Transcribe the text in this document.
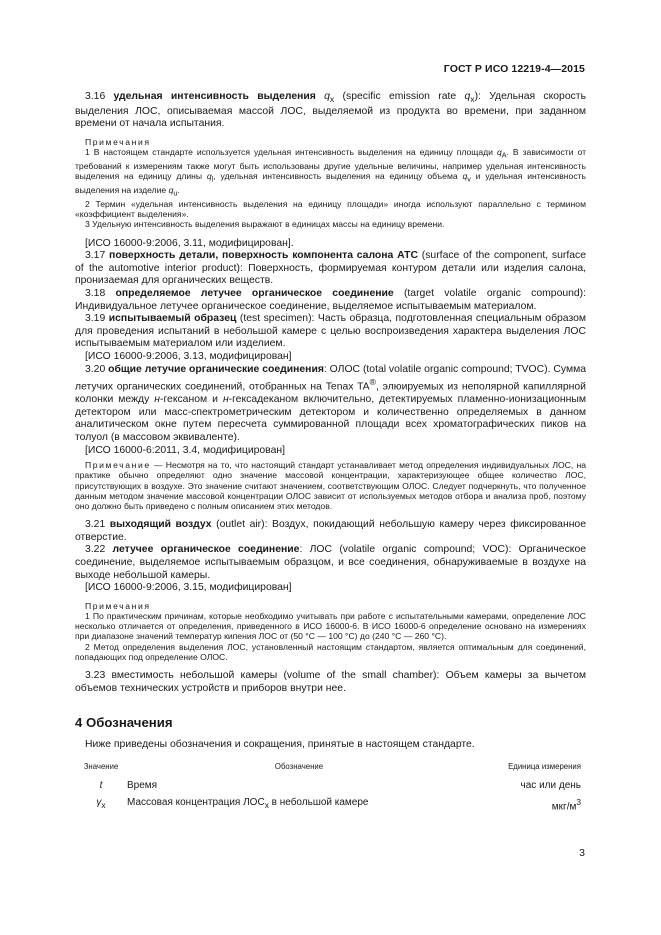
ГОСТ Р ИСО 12219-4—2015

3.16 удельная интенсивность выделения $q_x$ (specific emission rate $q_x$): Удельная скорость выделения ЛОС, описываемая массой ЛОС, выделяемой из продукта во времени, при заданном времени от начала испытания.

Примечания

1 В настоящем стандарте используется удельная интенсивность выделения на единицу площади $q_A$. В зависимости от требований к измерениям также могут быть использованы другие удельные величины, например удельная интенсивность выделения на единицу длины $q_l$, удельная интенсивность выделения на единицу объема $q_v$ и удельная интенсивность выделения на изделие $q_u$.

2 Термин «удельная интенсивность выделения на единицу площади» иногда используют параллельно с термином «коэффициент выделения».

3 Удельную интенсивность выделения выражают в единицах массы на единицу времени.

[ИСО 16000-9:2006, 3.11, модифицирован].

3.17 поверхность детали, поверхность компонента салона АТС (surface of the component, surface of the automotive interior product): Поверхность, формируемая контуром детали или изделия салона, пронизаемая для органических веществ.

3.18 определяемое летучее органическое соединение (target volatile organic compound): Индивидуальное летучее органическое соединение, выделяемое испытываемым материалом.

3.19 испытываемый образец (test specimen): Часть образца, подготовленная специальным образом для проведения испытаний в небольшой камере с целью воспроизведения характера выделения ЛОС испытываемым материалом или изделием.

[ИСО 16000-9:2006, 3.13, модифицирован]

3.20 общие летучие органические соединения: ОЛОС (total volatile organic compound; TVOC). Сумма летучих органических соединений, отобранных на Tenax TA®, элюируемых из неполярной капиллярной колонки между н-гексаном и н-гексадеканом включительно, детектируемых пламенно-ионизационным детектором или масс-спектрометрическим детектором и количественно определяемых в данном аналитическом окне путем пересчета суммированной площади всех хроматографических пиков на толуол (в массовом эквиваленте).

[ИСО 16000-6:2011, 3.4, модифицирован]

Примечание — Несмотря на то, что настоящий стандарт устанавливает метод определения индивидуальных ЛОС, на практике обычно определяют одно значение массовой концентрации, характеризующее общее количество ЛОС, присутствующих в воздухе. Это значение считают значением, соответствующим ОЛОС. Следует подчеркнуть, что полученное данным методом значение массовой концентрации ОЛОС зависит от используемых методов отбора и анализа проб, поэтому оно должно быть приведено с полным описанием этих методов.

3.21 выходящий воздух (outlet air): Воздух, покидающий небольшую камеру через фиксированное отверстие.

3.22 летучее органическое соединение: ЛОС (volatile organic compound; VOC): Органическое соединение, выделяемое испытываемым образцом, и все соединения, обнаруживаемые в воздухе на выходе небольшой камеры.

[ИСО 16000-9:2006, 3.15, модифицирован]

Примечания

1 По практическим причинам, которые необходимо учитывать при работе с испытательными камерами, определение ЛОС несколько отличается от определения, приведенного в ИСО 16000-6. В ИСО 16000-6 определение основано на измерениях при диапазоне значений температур кипения ЛОС от (50 °С — 100 °С) до (240 °С — 260 °С).

2 Метод определения выделения ЛОС, установленный настоящим стандартом, является оптимальным для соединений, попадающих под определение ОЛОС.

3.23 вместимость небольшой камеры (volume of the small chamber): Объем камеры за вычетом объемов технических устройств и приборов внутри нее.

4 Обозначения

Ниже приведены обозначения и сокращения, принятые в настоящем стандарте.

Значение	Обозначение	Единица измерения
t	Время	час или день
$\gamma_x$	Массовая концентрация $ЛОС_x$ в небольшой камере	мкг/$м^3$
3
